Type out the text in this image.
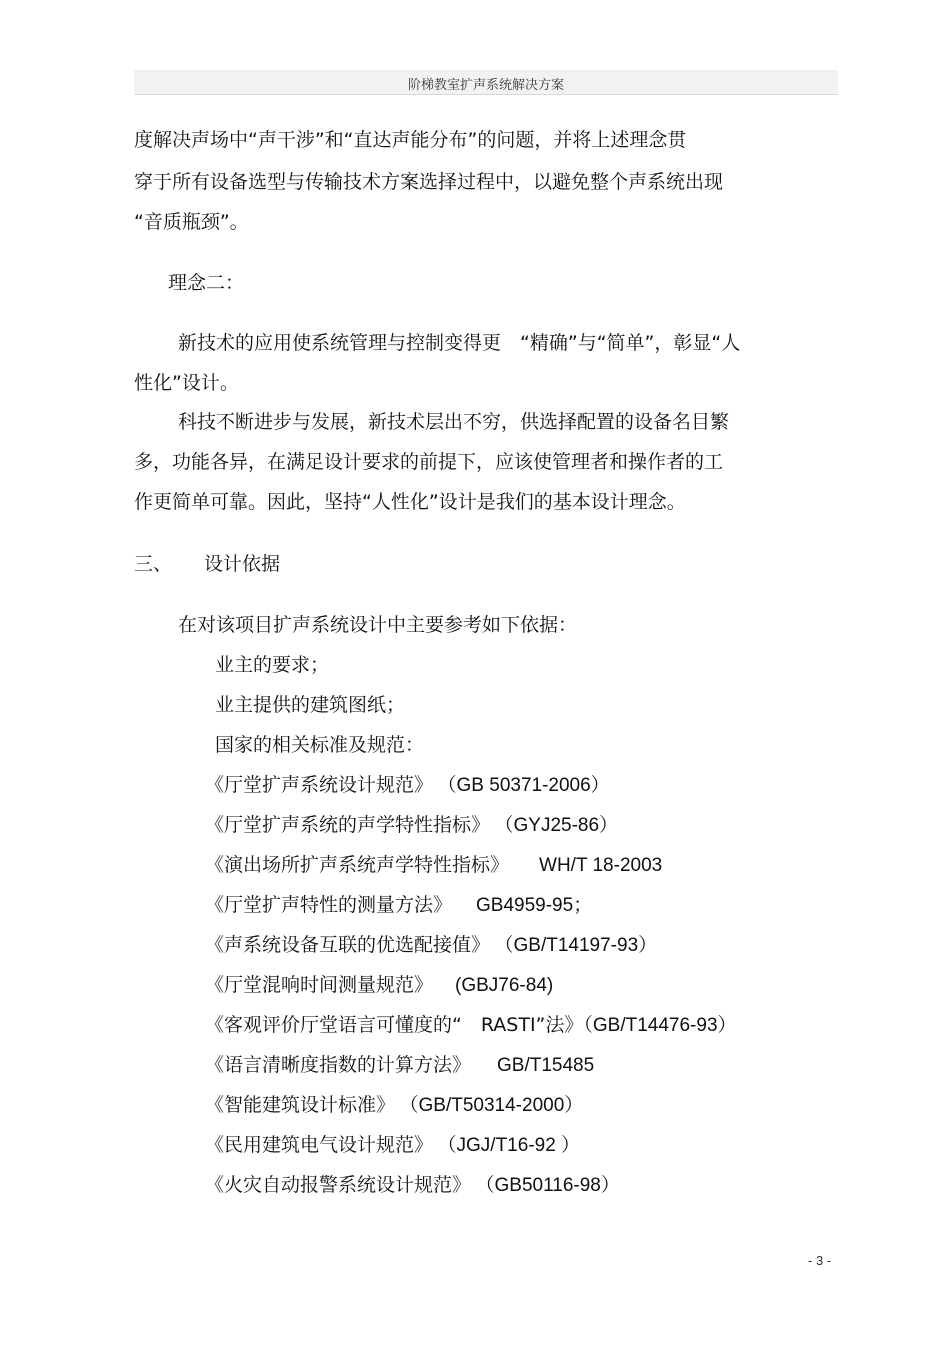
阶梯教室扩声系统解决方案
度解决声场中“声干涉”和“直达声能分布”的问题，并将上述理念贯
穿于所有设备选型与传输技术方案选择过程中，以避免整个声系统出现
“音质瓶颈”。
理念二：
新技术的应用使系统管理与控制变得更　“精确”与“简单”，彰显“人
性化”设计。
科技不断进步与发展，新技术层出不穷，供选择配置的设备名目繁
多，功能各异，在满足设计要求的前提下，应该使管理者和操作者的工
作更简单可靠。因此，坚持“人性化”设计是我们的基本设计理念。
三、 设计依据
在对该项目扩声系统设计中主要参考如下依据：
业主的要求；
业主提供的建筑图纸；
国家的相关标准及规范：
《厅堂扩声系统设计规范》 （GB 50371-2006）
《厅堂扩声系统的声学特性指标》 （GYJ25-86）
《演出场所扩声系统声学特性指标》 WH/T 18-2003
《厅堂扩声特性的测量方法》 GB4959-95；
《声系统设备互联的优选配接值》 （GB/T14197-93）
《厅堂混响时间测量规范》 (GBJ76-84)
《客观评价厅堂语言可懂度的“　RASTI”法》（GB/T14476-93）
《语言清晰度指数的计算方法》 GB/T15485
《智能建筑设计标准》 （GB/T50314-2000）
《民用建筑电气设计规范》 （JGJ/T16-92 ）
《火灾自动报警系统设计规范》 （GB50116-98）
- 3 -
